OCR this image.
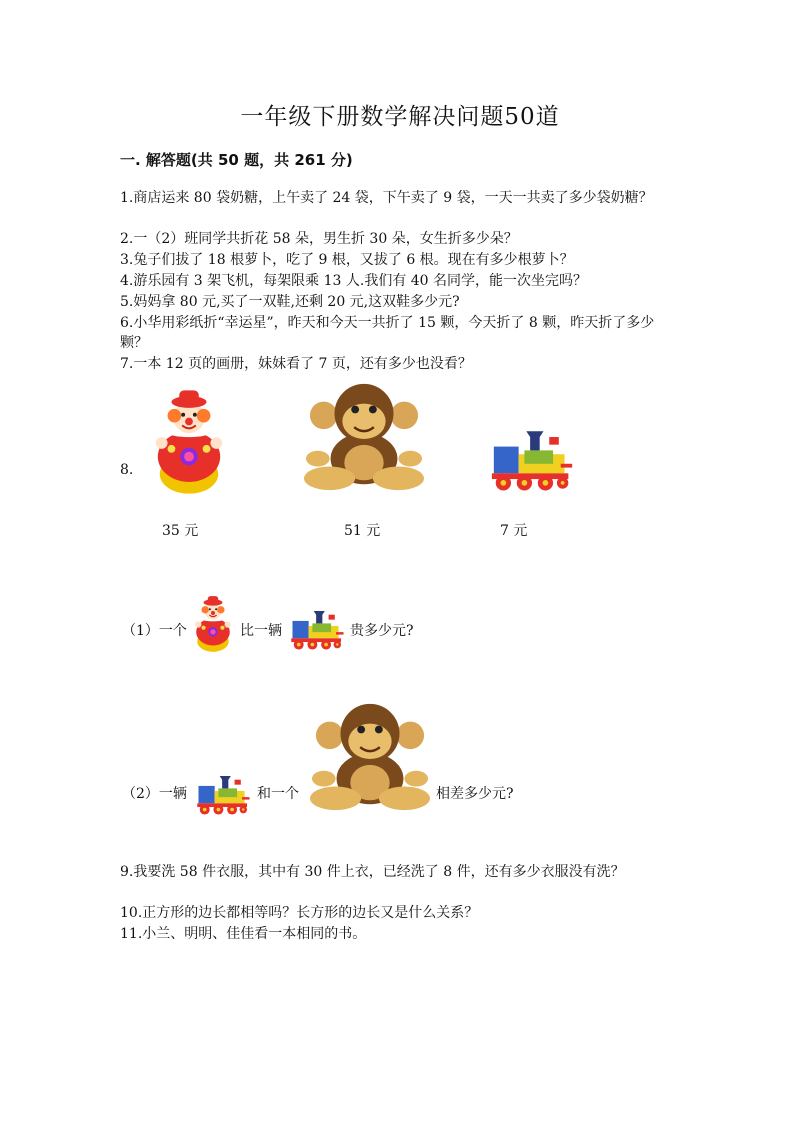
一年级下册数学解决问题50道
一. 解答题(共 50 题，共 261 分)
1.商店运来 80 袋奶糖，上午卖了 24 袋，下午卖了 9 袋，一天一共卖了多少袋奶糖？
2.一（2）班同学共折花 58 朵，男生折 30 朵，女生折多少朵？
3.兔子们拔了 18 根萝卜，吃了 9 根，又拔了 6 根。现在有多少根萝卜？
4.游乐园有 3 架飞机，每架限乘 13 人.我们有 40 名同学，能一次坐完吗？
5.妈妈拿 80 元,买了一双鞋,还剩 20 元,这双鞋多少元?
6.小华用彩纸折“幸运星”，昨天和今天一共折了 15 颗，今天折了 8 颗，昨天折了多少颗？
7.一本 12 页的画册，妹妹看了 7 页，还有多少也没看？
8.
35 元	51 元	7 元
（1）一个	比一辆	贵多少元?
（2）一辆	和一个	相差多少元?
9.我要洗 58 件衣服，其中有 30 件上衣，已经洗了 8 件，还有多少衣服没有洗？
10.正方形的边长都相等吗？长方形的边长又是什么关系？
11.小兰、明明、佳佳看一本相同的书。
